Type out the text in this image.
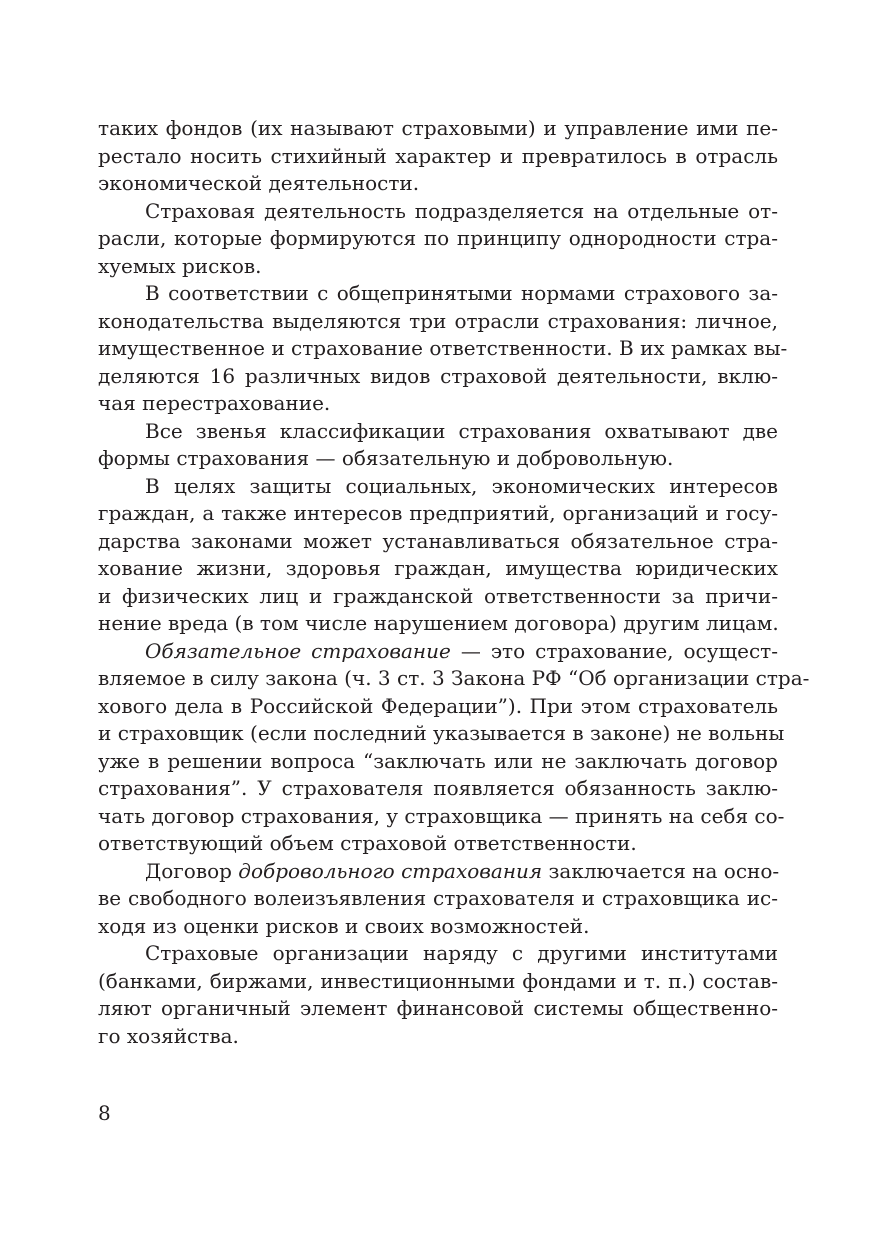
таких фондов (их называют страховыми) и управление ими пе-
рестало носить стихийный характер и превратилось в отрасль
экономической деятельности.
Страховая деятельность подразделяется на отдельные от-
расли, которые формируются по принципу однородности стра-
хуемых рисков.
В соответствии с общепринятыми нормами страхового за-
конодательства выделяются три отрасли страхования: личное,
имущественное и страхование ответственности. В их рамках вы-
деляются 16 различных видов страховой деятельности, вклю-
чая перестрахование.
Все звенья классификации страхования охватывают две
формы страхования — обязательную и добровольную.
В целях защиты социальных, экономических интересов
граждан, а также интересов предприятий, организаций и госу-
дарства законами может устанавливаться обязательное стра-
хование жизни, здоровья граждан, имущества юридических
и физических лиц и гражданской ответственности за причи-
нение вреда (в том числе нарушением договора) другим лицам.
Обязательное страхование — это страхование, осущест-
вляемое в силу закона (ч. 3 ст. 3 Закона РФ “Об организации стра-
хового дела в Российской Федерации”). При этом страхователь
и страховщик (если последний указывается в законе) не вольны
уже в решении вопроса “заключать или не заключать договор
страхования”. У страхователя появляется обязанность заклю-
чать договор страхования, у страховщика — принять на себя со-
ответствующий объем страховой ответственности.
Договор добровольного страхования заключается на осно-
ве свободного волеизъявления страхователя и страховщика ис-
ходя из оценки рисков и своих возможностей.
Страховые организации наряду с другими институтами
(банками, биржами, инвестиционными фондами и т. п.) состав-
ляют органичный элемент финансовой системы общественно-
го хозяйства.
8
